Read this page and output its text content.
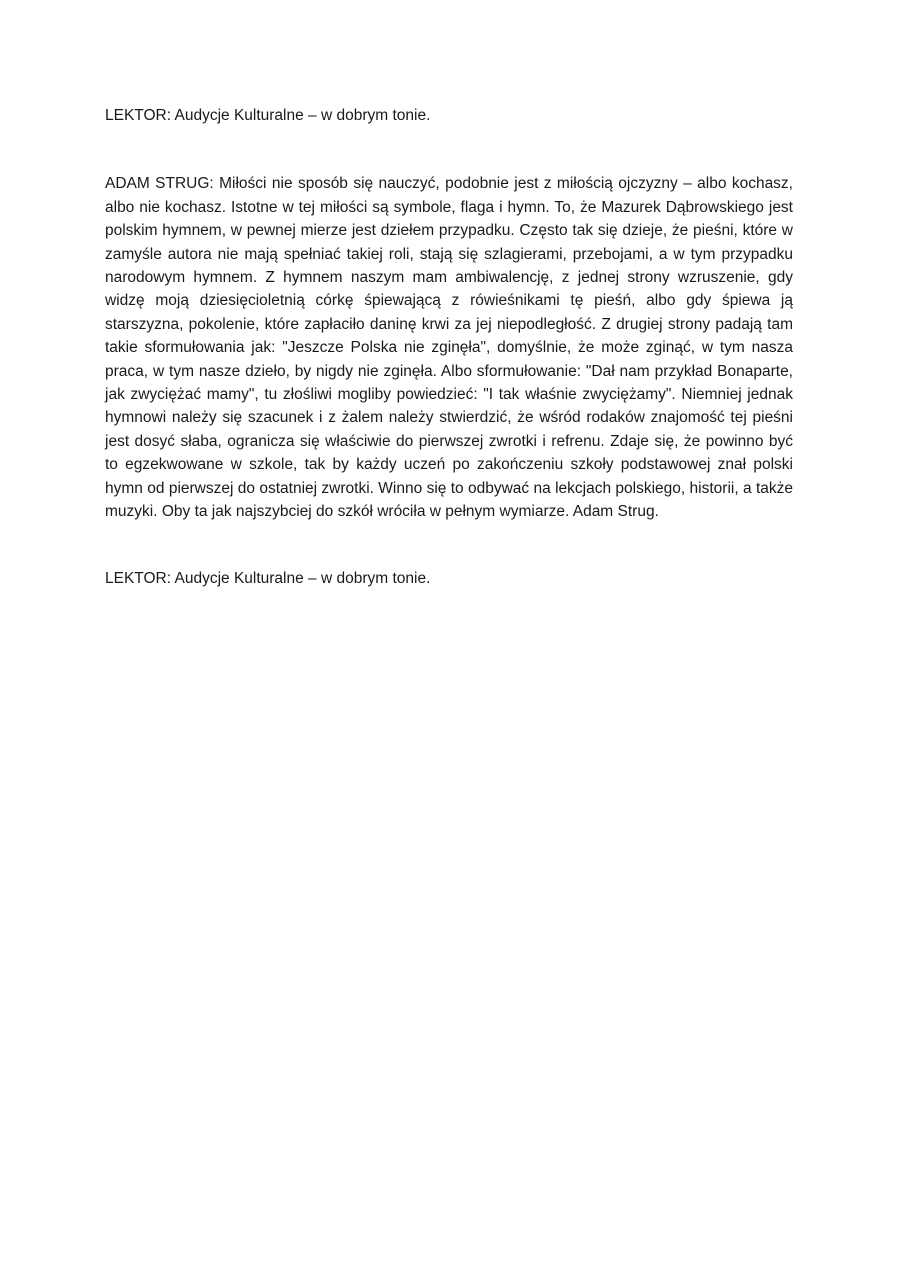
LEKTOR: Audycje Kulturalne – w dobrym tonie.

ADAM STRUG: Miłości nie sposób się nauczyć, podobnie jest z miłością ojczyzny – albo kochasz, albo nie kochasz. Istotne w tej miłości są symbole, flaga i hymn. To, że Mazurek Dąbrowskiego jest polskim hymnem, w pewnej mierze jest dziełem przypadku. Często tak się dzieje, że pieśni, które w zamyśle autora nie mają spełniać takiej roli, stają się szlagierami, przebojami, a w tym przypadku narodowym hymnem. Z hymnem naszym mam ambiwalencję, z jednej strony wzruszenie, gdy widzę moją dziesięcioletnią córkę śpiewającą z rówieśnikami tę pieśń, albo gdy śpiewa ją starszyzna, pokolenie, które zapłaciło daninę krwi za jej niepodległość. Z drugiej strony padają tam takie sformułowania jak: "Jeszcze Polska nie zginęła", domyślnie, że może zginąć, w tym nasza praca, w tym nasze dzieło, by nigdy nie zginęła. Albo sformułowanie: "Dał nam przykład Bonaparte, jak zwyciężać mamy", tu złośliwi mogliby powiedzieć: "I tak właśnie zwyciężamy". Niemniej jednak hymnowi należy się szacunek i z żalem należy stwierdzić, że wśród rodaków znajomość tej pieśni jest dosyć słaba, ogranicza się właściwie do pierwszej zwrotki i refrenu. Zdaje się, że powinno być to egzekwowane w szkole, tak by każdy uczeń po zakończeniu szkoły podstawowej znał polski hymn od pierwszej do ostatniej zwrotki. Winno się to odbywać na lekcjach polskiego, historii, a także muzyki. Oby ta jak najszybciej do szkół wróciła w pełnym wymiarze. Adam Strug.

LEKTOR: Audycje Kulturalne – w dobrym tonie.
